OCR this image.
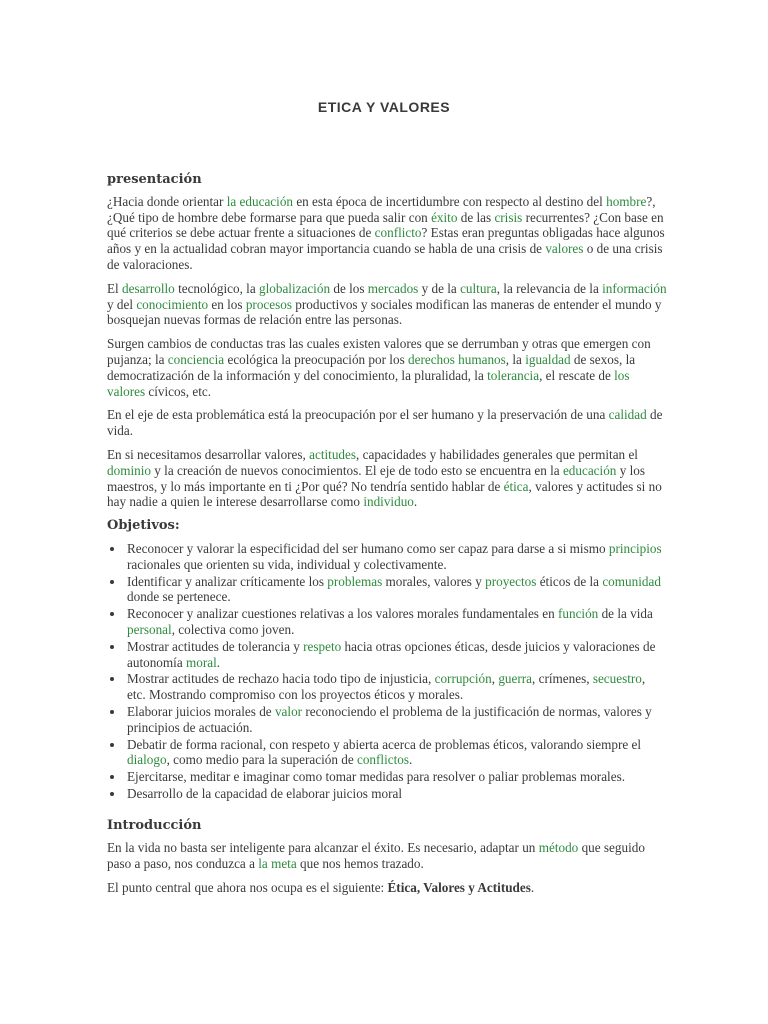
ETICA Y VALORES
presentación

¿Hacia donde orientar la educación en esta época de incertidumbre con respecto al destino del hombre?, ¿Qué tipo de hombre debe formarse para que pueda salir con éxito de las crisis recurrentes? ¿Con base en qué criterios se debe actuar frente a situaciones de conflicto? Estas eran preguntas obligadas hace algunos años y en la actualidad cobran mayor importancia cuando se habla de una crisis de valores o de una crisis de valoraciones.

El desarrollo tecnológico, la globalización de los mercados y de la cultura, la relevancia de la información y del conocimiento en los procesos productivos y sociales modifican las maneras de entender el mundo y bosquejan nuevas formas de relación entre las personas.

Surgen cambios de conductas tras las cuales existen valores que se derrumban y otras que emergen con pujanza; la conciencia ecológica la preocupación por los derechos humanos, la igualdad de sexos, la democratización de la información y del conocimiento, la pluralidad, la tolerancia, el rescate de los valores cívicos, etc.

En el eje de esta problemática está la preocupación por el ser humano y la preservación de una calidad de vida.

En si necesitamos desarrollar valores, actitudes, capacidades y habilidades generales que permitan el dominio y la creación de nuevos conocimientos. El eje de todo esto se encuentra en la educación y los maestros, y lo más importante en ti ¿Por qué? No tendría sentido hablar de ética, valores y actitudes si no hay nadie a quien le interese desarrollarse como individuo.

Objetivos:
• Reconocer y valorar la especificidad del ser humano como ser capaz para darse a si mismo principios racionales que orienten su vida, individual y colectivamente.
• Identificar y analizar críticamente los problemas morales, valores y proyectos éticos de la comunidad donde se pertenece.
• Reconocer y analizar cuestiones relativas a los valores morales fundamentales en función de la vida personal, colectiva como joven.
• Mostrar actitudes de tolerancia y respeto hacia otras opciones éticas, desde juicios y valoraciones de autonomía moral.
• Mostrar actitudes de rechazo hacia todo tipo de injusticia, corrupción, guerra, crímenes, secuestro, etc. Mostrando compromiso con los proyectos éticos y morales.
• Elaborar juicios morales de valor reconociendo el problema de la justificación de normas, valores y principios de actuación.
• Debatir de forma racional, con respeto y abierta acerca de problemas éticos, valorando siempre el dialogo, como medio para la superación de conflictos.
• Ejercitarse, meditar e imaginar como tomar medidas para resolver o paliar problemas morales.
• Desarrollo de la capacidad de elaborar juicios moral
Introducción

En la vida no basta ser inteligente para alcanzar el éxito. Es necesario, adaptar un método que seguido paso a paso, nos conduzca a la meta que nos hemos trazado.

El punto central que ahora nos ocupa es el siguiente: Ética, Valores y Actitudes.
